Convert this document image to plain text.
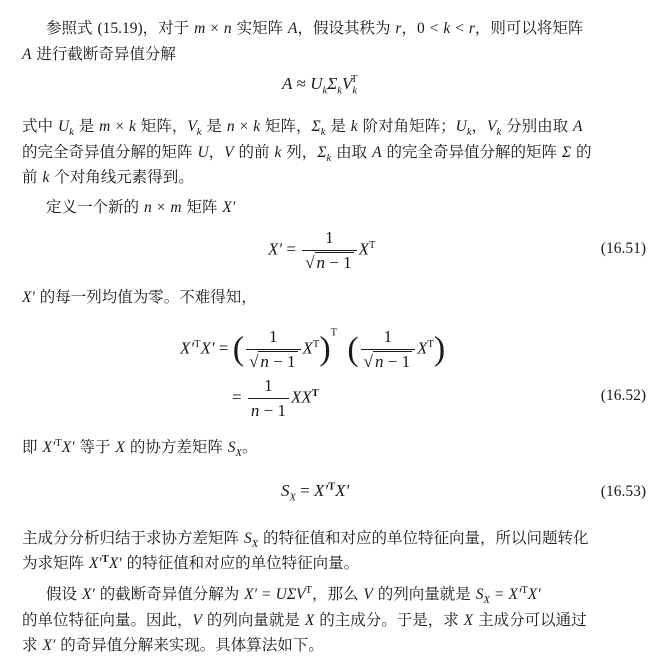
参照式 (15.19)，对于 m × n 实矩阵 A，假设其秩为 r，0 < k < r，则可以将矩阵
A 进行截断奇异值分解
$A \approx U_k\Sigma_kV_k^T$
式中 $U_k$ 是 m × k 矩阵，$V_k$ 是 n × k 矩阵，$\Sigma_k$ 是 k 阶对角矩阵；$U_k$，$V_k$ 分别由取 A
的完全奇异值分解的矩阵 U，V 的前 k 列，$\Sigma_k$ 由取 A 的完全奇异值分解的矩阵 Σ 的
前 k 个对角线元素得到。
定义一个新的 n × m 矩阵 X′
$X' = \frac{1}{√ n - 1} X^T$	(16.51)
X′ 的每一列均值为零。不难得知，
$X'^TX'$ = ( $\frac{1}{√ n - 1} X^T)^T$ ( $\frac{1}{√ n - 1} X^T$)
= $\frac{1}{n - 1} XX^T$	(16.52)
即 $X'^TX'$ 等于 X 的协方差矩阵 $S_X$。
$S_X = X'^TX'$	(16.53)
主成分分析归结于求协方差矩阵 $S_X$ 的特征值和对应的单位特征向量，所以问题转化
为求矩阵 $X'^TX'$ 的特征值和对应的单位特征向量。
假设 X′ 的截断奇异值分解为 $X' = U\Sigma V^T$，那么 V 的列向量就是 $S_X = X'^TX'$
的单位特征向量。因此，V 的列向量就是 X 的主成分。于是，求 X 主成分可以通过
求 X′ 的奇异值分解来实现。具体算法如下。
